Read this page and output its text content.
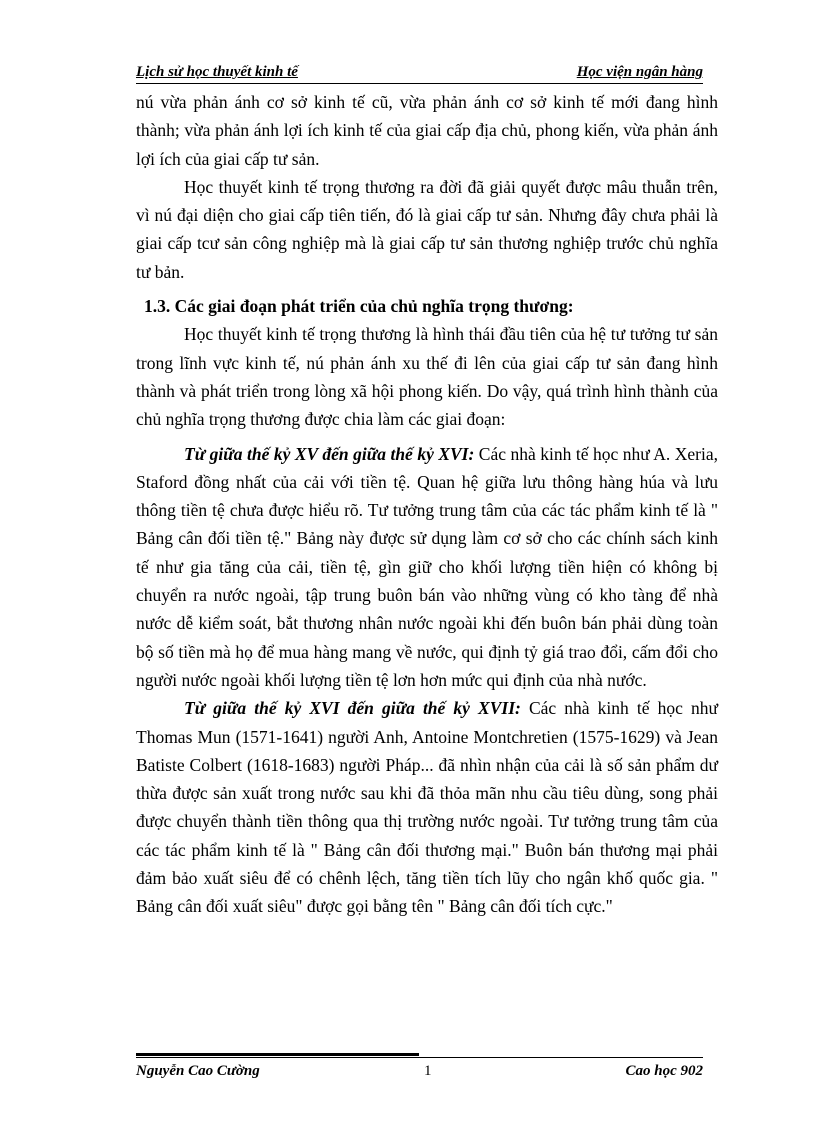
Lịch sử học thuyết kinh tế	Học viện ngân hàng

nú vừa phản ánh cơ sở kinh tế cũ, vừa phản ánh cơ sở kinh tế mới đang hình thành; vừa phản ánh lợi ích kinh tế của giai cấp địa chủ, phong kiến, vừa phản ánh lợi ích của giai cấp tư sản.

Học thuyết kinh tế trọng thương ra đời đã giải quyết được mâu thuẫn trên, vì nú đại diện cho giai cấp tiên tiến, đó là giai cấp tư sản. Nhưng đây chưa phải là giai cấp tcư sản công nghiệp mà là giai cấp tư sản thương nghiệp trước chủ nghĩa tư bản.

1.3. Các giai đoạn phát triển của chủ nghĩa trọng thương:

Học thuyết kinh tế trọng thương là hình thái đầu tiên của hệ tư tưởng tư sản trong lĩnh vực kinh tế, nú phản ánh xu thế đi lên của giai cấp tư sản đang hình thành và phát triển trong lòng xã hội phong kiến. Do vậy, quá trình hình thành của chủ nghĩa trọng thương được chia làm các giai đoạn:

Từ giữa thế kỷ XV đến giữa thế kỷ XVI: Các nhà kinh tế học như A. Xeria, Staford đồng nhất của cải với tiền tệ. Quan hệ giữa lưu thông hàng húa và lưu thông tiền tệ chưa được hiểu rõ. Tư tưởng trung tâm của các tác phẩm kinh tế là " Bảng cân đối tiền tệ." Bảng này được sử dụng làm cơ sở cho các chính sách kinh tế như gia tăng của cải, tiền tệ, gìn giữ cho khối lượng tiền hiện có không bị chuyển ra nước ngoài, tập trung buôn bán vào những vùng có kho tàng để nhà nước dễ kiểm soát, bắt thương nhân nước ngoài khi đến buôn bán phải dùng toàn bộ số tiền mà họ để mua hàng mang về nước, qui định tỷ giá trao đổi, cấm đổi cho người nước ngoài khối lượng tiền tệ lơn hơn mức qui định của nhà nước.

Từ giữa thế kỷ XVI đến giữa thế kỷ XVII: Các nhà kinh tế học như Thomas Mun (1571-1641) người Anh, Antoine Montchretien (1575-1629) và Jean Batiste Colbert (1618-1683) người Pháp... đã nhìn nhận của cải là số sản phẩm dư thừa được sản xuất trong nước sau khi đã thỏa mãn nhu cầu tiêu dùng, song phải được chuyển thành tiền thông qua thị trường nước ngoài. Tư tưởng trung tâm của các tác phẩm kinh tế là " Bảng cân đối thương mại." Buôn bán thương mại phải đảm bảo xuất siêu để có chênh lệch, tăng tiền tích lũy cho ngân khố quốc gia. " Bảng cân đối xuất siêu" được gọi bằng tên " Bảng cân đối tích cực."

Nguyễn Cao Cường	1	Cao học 902
